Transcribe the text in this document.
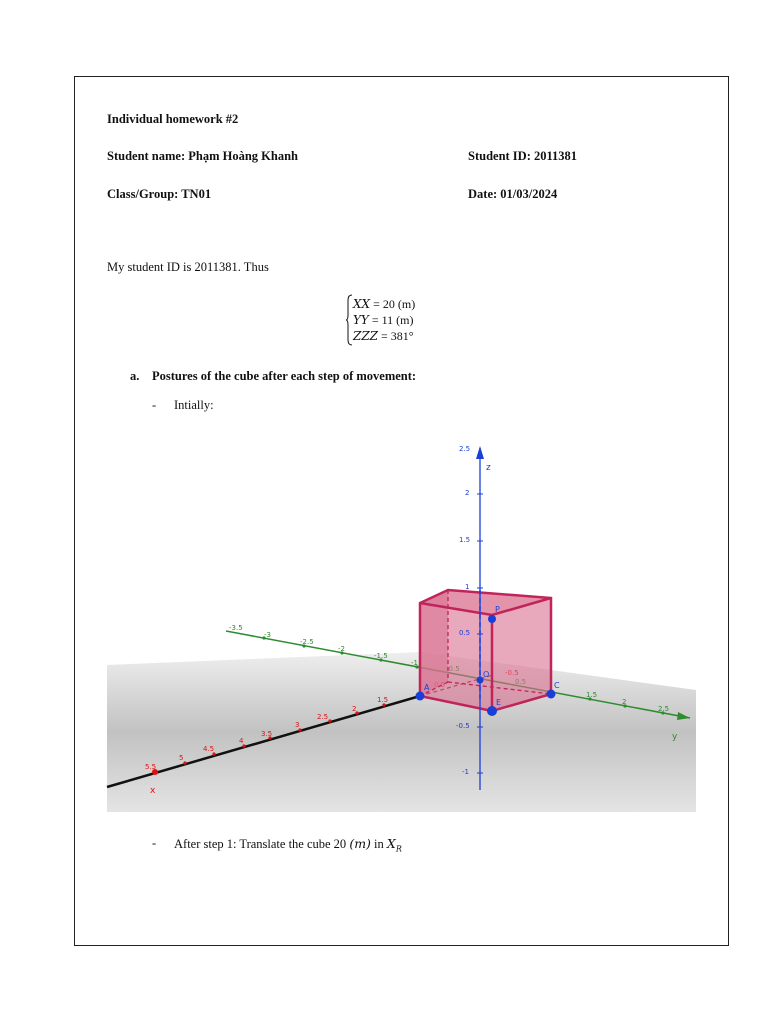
Individual homework #2
Student name: Phạm Hoàng Khanh	Student ID: 2011381
Class/Group: TN01	Date: 01/03/2024
My student ID is 2011381. Thus
XX = 20 (m)
YY = 11 (m)
ZZZ = 381°
a. Postures of the cube after each step of movement:
- Intially:
-3.5
-3
-2.5
-2
-1.5
-1
1.5
2
2.5
y
5.5
5
4.5
4
3.5
3
2.5
2
1.5
x
2.5
2
1.5
1
0.5
-0.5
-1
z
A	C
P
O
E
- After step 1: Translate the cube 20 (m) in $X_R$
